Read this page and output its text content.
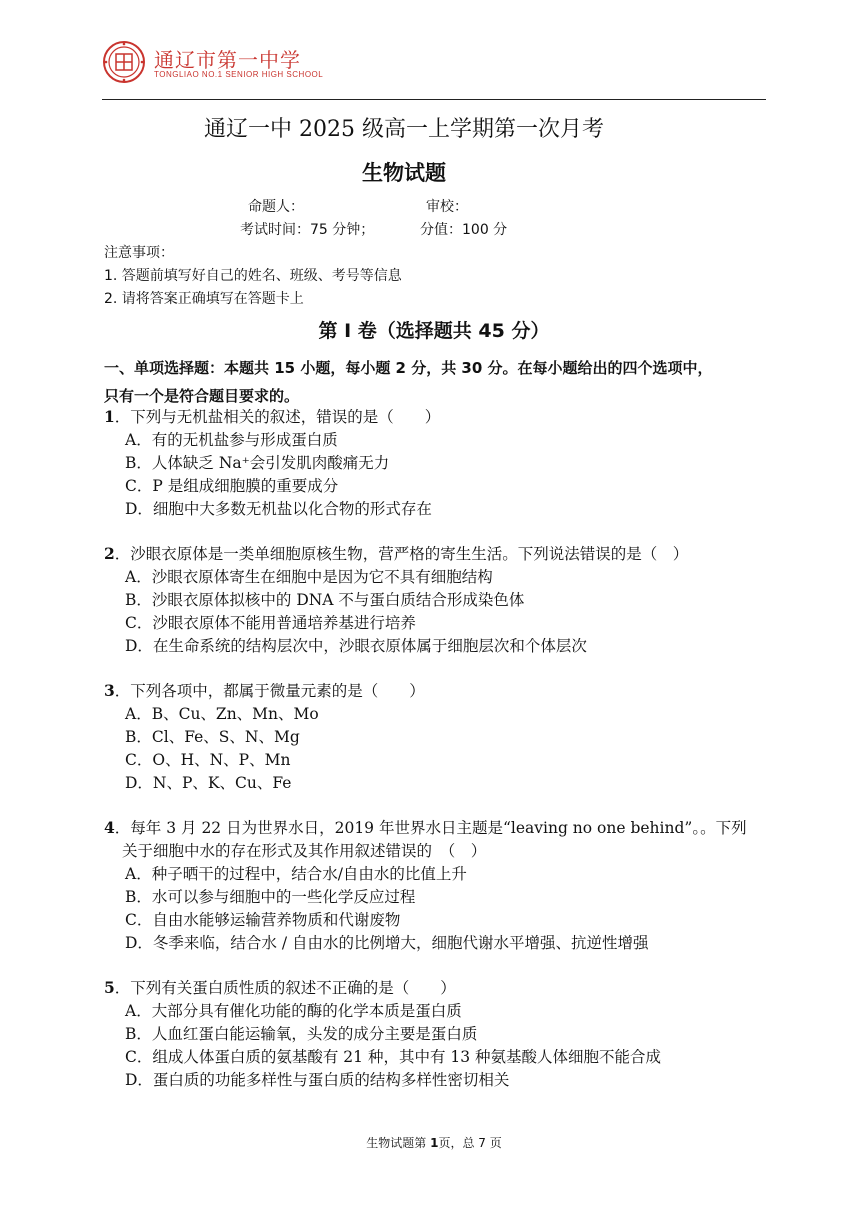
通辽市第一中学
TONGLIAO NO.1 SENIOR HIGH SCHOOL
通辽一中 2025 级高一上学期第一次月考
生物试题
命题人：	审校：
考试时间：75 分钟；	分值：100 分
注意事项：
1. 答题前填写好自己的姓名、班级、考号等信息
2. 请将答案正确填写在答题卡上
第 I 卷（选择题共 45 分）
一、单项选择题：本题共 15 小题，每小题 2 分，共 30 分。在每小题给出的四个选项中，
只有一个是符合题目要求的。
1．下列与无机盐相关的叙述，错误的是（　　）
A．有的无机盐参与形成蛋白质
B．人体缺乏 Na⁺会引发肌肉酸痛无力
C．P 是组成细胞膜的重要成分
D．细胞中大多数无机盐以化合物的形式存在
2．沙眼衣原体是一类单细胞原核生物，营严格的寄生生活。下列说法错误的是（　）
A．沙眼衣原体寄生在细胞中是因为它不具有细胞结构
B．沙眼衣原体拟核中的 DNA 不与蛋白质结合形成染色体
C．沙眼衣原体不能用普通培养基进行培养
D．在生命系统的结构层次中，沙眼衣原体属于细胞层次和个体层次
3．下列各项中，都属于微量元素的是（　　）
A．B、Cu、Zn、Mn、Mo
B．Cl、Fe、S、N、Mg
C．O、H、N、P、Mn
D．N、P、K、Cu、Fe
4．每年 3 月 22 日为世界水日，2019 年世界水日主题是“leaving no one behind”。。下列
关于细胞中水的存在形式及其作用叙述错误的　（　）
A．种子晒干的过程中，结合水/自由水的比值上升
B．水可以参与细胞中的一些化学反应过程
C．自由水能够运输营养物质和代谢废物
D．冬季来临，结合水 / 自由水的比例增大，细胞代谢水平增强、抗逆性增强
5．下列有关蛋白质性质的叙述不正确的是（　　）
A．大部分具有催化功能的酶的化学本质是蛋白质
B．人血红蛋白能运输氧，头发的成分主要是蛋白质
C．组成人体蛋白质的氨基酸有 21 种，其中有 13 种氨基酸人体细胞不能合成
D．蛋白质的功能多样性与蛋白质的结构多样性密切相关
生物试题第 1页，总 7 页
